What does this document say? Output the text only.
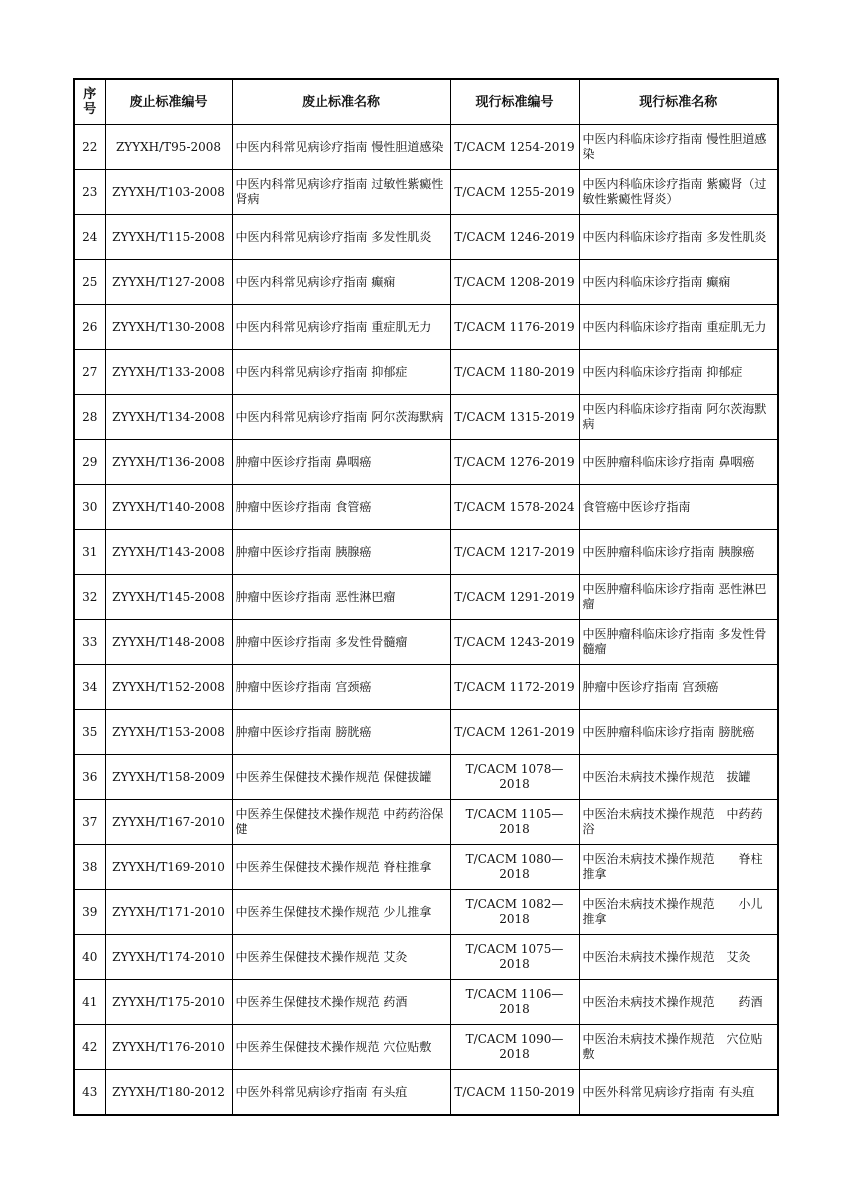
序号	废止标准编号	废止标准名称	现行标准编号	现行标准名称
22	ZYYXH/T95-2008	中医内科常见病诊疗指南 慢性胆道感染	T/CACM 1254-2019	中医内科临床诊疗指南 慢性胆道感染
23	ZYYXH/T103-2008	中医内科常见病诊疗指南 过敏性紫癜性肾病	T/CACM 1255-2019	中医内科临床诊疗指南 紫癜肾（过敏性紫癜性肾炎）
24	ZYYXH/T115-2008	中医内科常见病诊疗指南 多发性肌炎	T/CACM 1246-2019	中医内科临床诊疗指南 多发性肌炎
25	ZYYXH/T127-2008	中医内科常见病诊疗指南 癫痫	T/CACM 1208-2019	中医内科临床诊疗指南 癫痫
26	ZYYXH/T130-2008	中医内科常见病诊疗指南 重症肌无力	T/CACM 1176-2019	中医内科临床诊疗指南 重症肌无力
27	ZYYXH/T133-2008	中医内科常见病诊疗指南 抑郁症	T/CACM 1180-2019	中医内科临床诊疗指南 抑郁症
28	ZYYXH/T134-2008	中医内科常见病诊疗指南 阿尔茨海默病	T/CACM 1315-2019	中医内科临床诊疗指南 阿尔茨海默病
29	ZYYXH/T136-2008	肿瘤中医诊疗指南 鼻咽癌	T/CACM 1276-2019	中医肿瘤科临床诊疗指南 鼻咽癌
30	ZYYXH/T140-2008	肿瘤中医诊疗指南 食管癌	T/CACM 1578-2024	食管癌中医诊疗指南
31	ZYYXH/T143-2008	肿瘤中医诊疗指南 胰腺癌	T/CACM 1217-2019	中医肿瘤科临床诊疗指南 胰腺癌
32	ZYYXH/T145-2008	肿瘤中医诊疗指南 恶性淋巴瘤	T/CACM 1291-2019	中医肿瘤科临床诊疗指南 恶性淋巴瘤
33	ZYYXH/T148-2008	肿瘤中医诊疗指南 多发性骨髓瘤	T/CACM 1243-2019	中医肿瘤科临床诊疗指南 多发性骨髓瘤
34	ZYYXH/T152-2008	肿瘤中医诊疗指南 宫颈癌	T/CACM 1172-2019	肿瘤中医诊疗指南 宫颈癌
35	ZYYXH/T153-2008	肿瘤中医诊疗指南 膀胱癌	T/CACM 1261-2019	中医肿瘤科临床诊疗指南 膀胱癌
36	ZYYXH/T158-2009	中医养生保健技术操作规范 保健拔罐	T/CACM 1078—2018	中医治未病技术操作规范　拔罐
37	ZYYXH/T167-2010	中医养生保健技术操作规范 中药药浴保健	T/CACM 1105—2018	中医治未病技术操作规范　中药药浴
38	ZYYXH/T169-2010	中医养生保健技术操作规范 脊柱推拿	T/CACM 1080—2018	中医治未病技术操作规范　　脊柱推拿
39	ZYYXH/T171-2010	中医养生保健技术操作规范 少儿推拿	T/CACM 1082—2018	中医治未病技术操作规范　　小儿推拿
40	ZYYXH/T174-2010	中医养生保健技术操作规范 艾灸	T/CACM 1075—2018	中医治未病技术操作规范　艾灸
41	ZYYXH/T175-2010	中医养生保健技术操作规范 药酒	T/CACM 1106—2018	中医治未病技术操作规范　　药酒
42	ZYYXH/T176-2010	中医养生保健技术操作规范 穴位贴敷	T/CACM 1090—2018	中医治未病技术操作规范　穴位贴敷
43	ZYYXH/T180-2012	中医外科常见病诊疗指南 有头疽	T/CACM 1150-2019	中医外科常见病诊疗指南 有头疽
